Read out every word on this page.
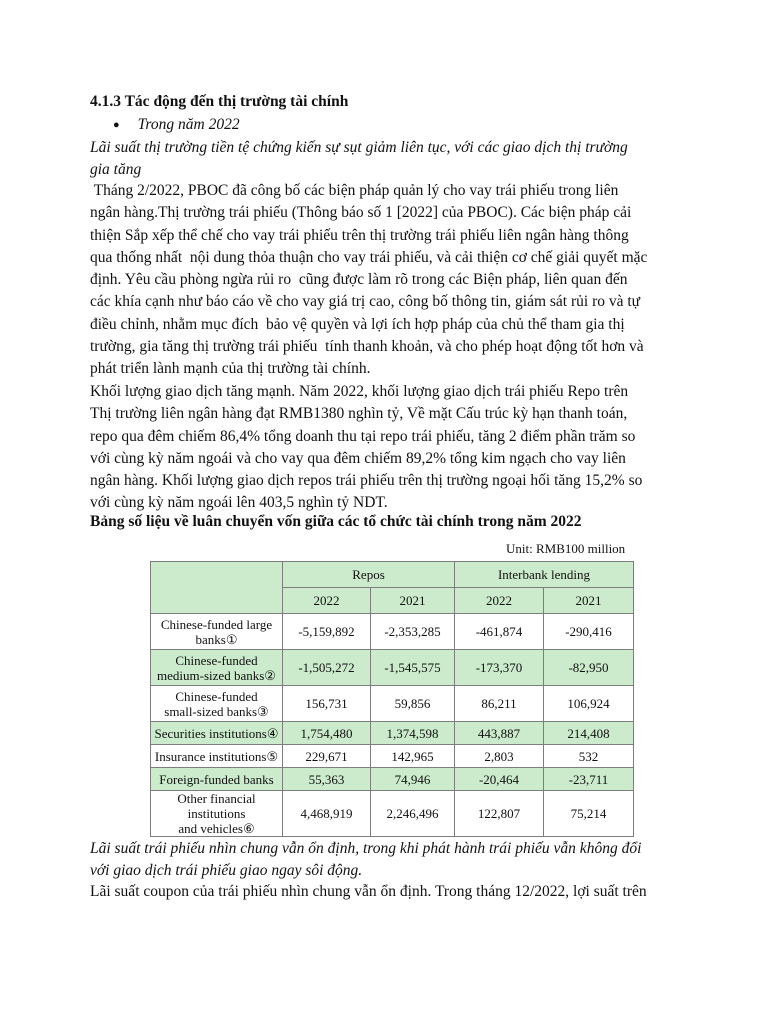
4.1.3 Tác động đến thị trường tài chính
● Trong năm 2022
Lãi suất thị trường tiền tệ chứng kiến sự sụt giảm liên tục, với các giao dịch thị trường
gia tăng
Tháng 2/2022, PBOC đã công bố các biện pháp quản lý cho vay trái phiếu trong liên
ngân hàng.Thị trường trái phiếu (Thông báo số 1 [2022] của PBOC). Các biện pháp cải
thiện Sắp xếp thể chế cho vay trái phiếu trên thị trường trái phiếu liên ngân hàng thông
qua thống nhất  nội dung thỏa thuận cho vay trái phiếu, và cải thiện cơ chế giải quyết mặc
định. Yêu cầu phòng ngừa rủi ro  cũng được làm rõ trong các Biện pháp, liên quan đến
các khía cạnh như báo cáo về cho vay giá trị cao, công bố thông tin, giám sát rủi ro và tự
điều chỉnh, nhằm mục đích  bảo vệ quyền và lợi ích hợp pháp của chủ thể tham gia thị
trường, gia tăng thị trường trái phiếu  tính thanh khoản, và cho phép hoạt động tốt hơn và
phát triển lành mạnh của thị trường tài chính.
Khối lượng giao dịch tăng mạnh. Năm 2022, khối lượng giao dịch trái phiếu Repo trên
Thị trường liên ngân hàng đạt RMB1380 nghìn tỷ, Về mặt Cấu trúc kỳ hạn thanh toán,
repo qua đêm chiếm 86,4% tổng doanh thu tại repo trái phiếu, tăng 2 điểm phần trăm so
với cùng kỳ năm ngoái và cho vay qua đêm chiếm 89,2% tổng kim ngạch cho vay liên
ngân hàng. Khối lượng giao dịch repos trái phiếu trên thị trường ngoại hối tăng 15,2% so
với cùng kỳ năm ngoái lên 403,5 nghìn tỷ NDT.
Bảng số liệu về luân chuyển vốn giữa các tổ chức tài chính trong năm 2022
Unit: RMB100 million
	Repos		Interbank lending	
	2022	2021	2022	2021
Chinese-funded large
banks①	-5,159,892	-2,353,285	-461,874	-290,416
Chinese-funded
medium-sized banks②	-1,505,272	-1,545,575	-173,370	-82,950
Chinese-funded
small-sized banks③	156,731	59,856	86,211	106,924
Securities institutions④	1,754,480	1,374,598	443,887	214,408
Insurance institutions⑤	229,671	142,965	2,803	532
Foreign-funded banks	55,363	74,946	-20,464	-23,711
Other financial institutions
and vehicles⑥	4,468,919	2,246,496	122,807	75,214
Lãi suất trái phiếu nhìn chung vẫn ổn định, trong khi phát hành trái phiếu vẫn không đổi
với giao dịch trái phiếu giao ngay sôi động.
Lãi suất coupon của trái phiếu nhìn chung vẫn ổn định. Trong tháng 12/2022, lợi suất trên
